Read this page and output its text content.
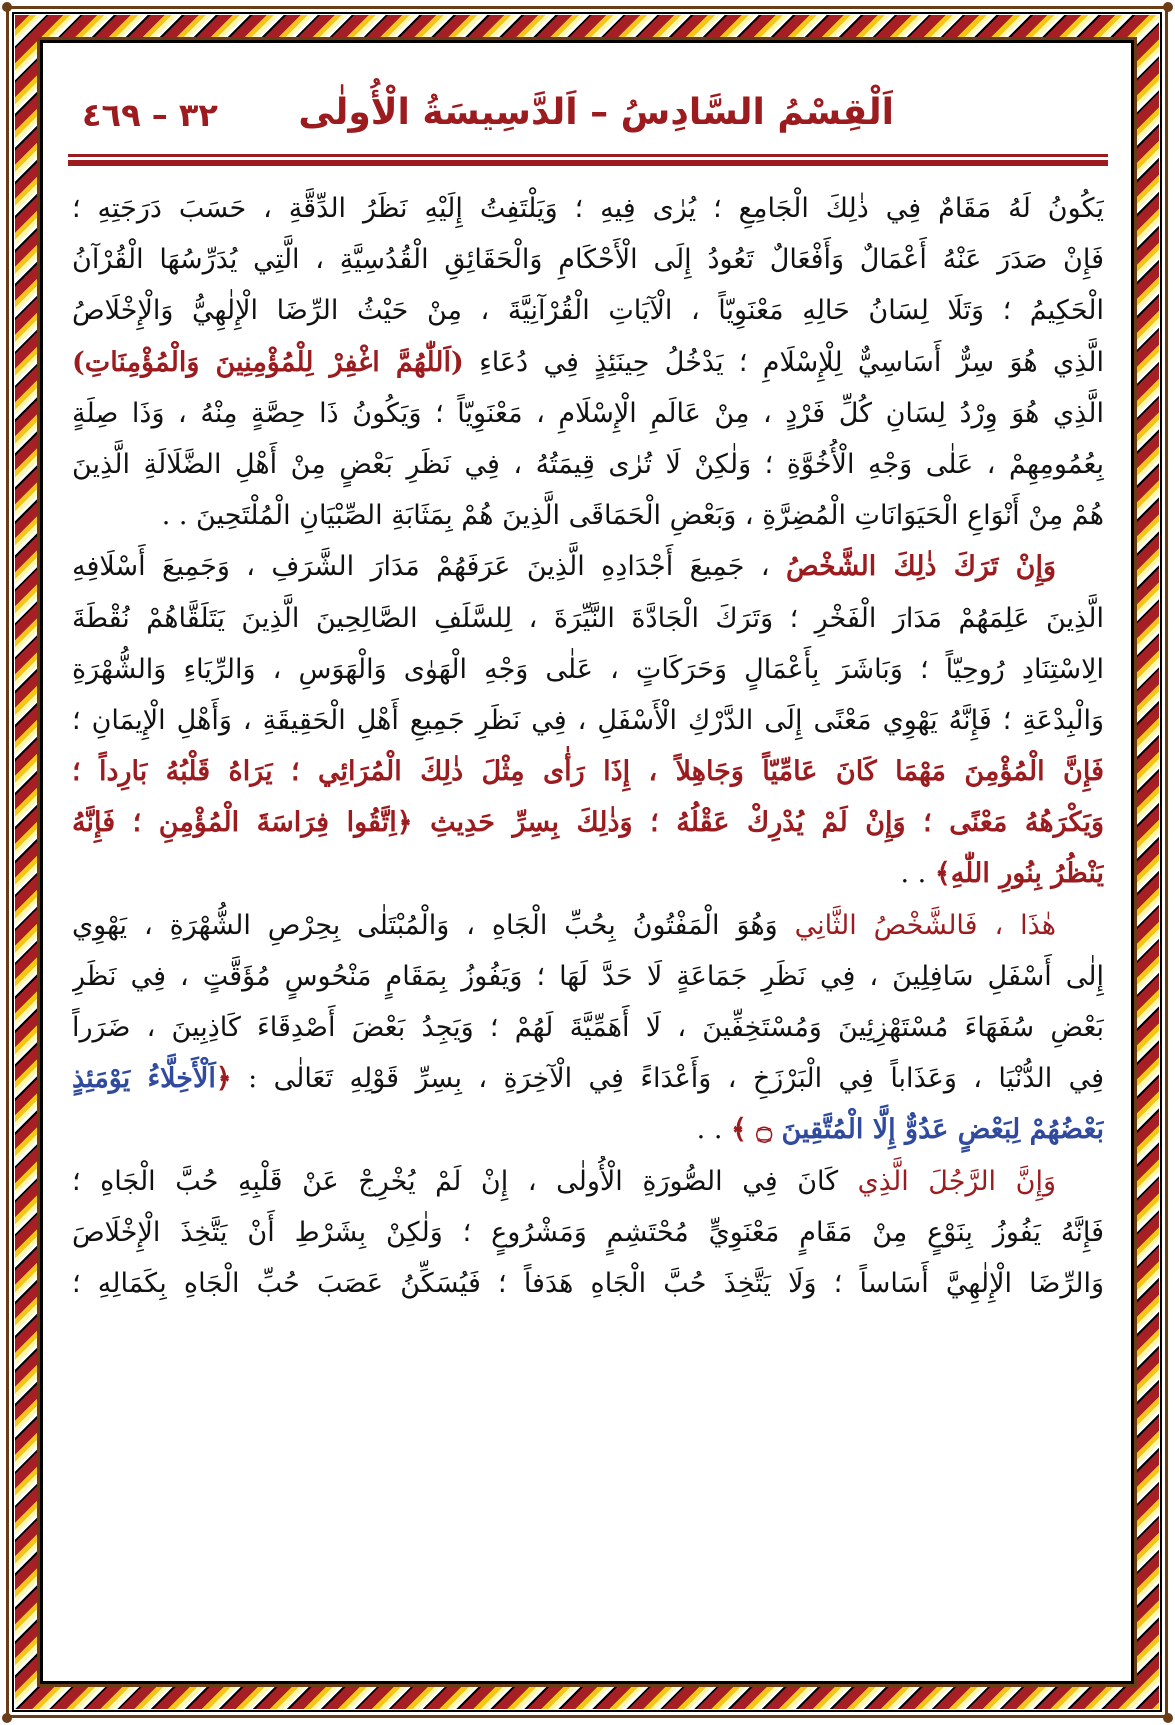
اَلْقِسْمُ السَّادِسُ – اَلدَّسِيسَةُ الْأُولٰى
٣٢ – ٤٦٩
يَكُونُ لَهُ مَقَامٌ فِي ذٰلِكَ الْجَامِعِ ؛ يُرٰى فِيهِ ؛ وَيَلْتَفِتُ إِلَيْهِ نَظَرُ الدِّقَّةِ ، حَسَبَ دَرَجَتِهِ ؛
فَإِنْ صَدَرَ عَنْهُ أَعْمَالٌ وَأَفْعَالٌ تَعُودُ إِلَى الْأَحْكَامِ وَالْحَقَائِقِ الْقُدُسِيَّةِ ، الَّتِي يُدَرِّسُهَا الْقُرْآنُ
الْحَكِيمُ ؛ وَتَلَا لِسَانُ حَالِهِ مَعْنَوِيّاً ، الْآيَاتِ الْقُرْآنِيَّةَ ، مِنْ حَيْثُ الرِّضَا الْإِلٰهِيُّ وَالْإِخْلَاصُ
الَّذِي هُوَ سِرٌّ أَسَاسِيٌّ لِلْإِسْلَامِ ؛ يَدْخُلُ حِينَئِذٍ فِي دُعَاءِ (اَللّٰهُمَّ اغْفِرْ لِلْمُؤْمِنِينَ وَالْمُؤْمِنَاتِ)
الَّذِي هُوَ وِرْدُ لِسَانِ كُلِّ فَرْدٍ ، مِنْ عَالَمِ الْإِسْلَامِ ، مَعْنَوِيّاً ؛ وَيَكُونُ ذَا حِصَّةٍ مِنْهُ ، وَذَا صِلَةٍ
بِعُمُومِهِمْ ، عَلٰى وَجْهِ الْأُخُوَّةِ ؛ وَلٰكِنْ لَا تُرٰى قِيمَتُهُ ، فِي نَظَرِ بَعْضٍ مِنْ أَهْلِ الضَّلَالَةِ الَّذِينَ
هُمْ مِنْ أَنْوَاعِ الْحَيَوَانَاتِ الْمُضِرَّةِ ، وَبَعْضِ الْحَمَاقَى الَّذِينَ هُمْ بِمَثَابَةِ الصِّبْيَانِ الْمُلْتَحِينَ . .
وَإِنْ تَرَكَ ذٰلِكَ الشَّخْصُ ، جَمِيعَ أَجْدَادِهِ الَّذِينَ عَرَفَهُمْ مَدَارَ الشَّرَفِ ، وَجَمِيعَ أَسْلَافِهِ
الَّذِينَ عَلِمَهُمْ مَدَارَ الْفَخْرِ ؛ وَتَرَكَ الْجَادَّةَ النَّيِّرَةَ ، لِلسَّلَفِ الصَّالِحِينَ الَّذِينَ يَتَلَقَّاهُمْ نُقْطَةَ
الِاسْتِنَادِ رُوحِيّاً ؛ وَبَاشَرَ بِأَعْمَالٍ وَحَرَكَاتٍ ، عَلٰى وَجْهِ الْهَوٰى وَالْهَوَسِ ، وَالرِّيَاءِ وَالشُّهْرَةِ
وَالْبِدْعَةِ ؛ فَإِنَّهُ يَهْوِي مَعْنًى إِلَى الدَّرْكِ الْأَسْفَلِ ، فِي نَظَرِ جَمِيعِ أَهْلِ الْحَقِيقَةِ ، وَأَهْلِ الْإِيمَانِ ؛
فَإِنَّ الْمُؤْمِنَ مَهْمَا كَانَ عَامِّيّاً وَجَاهِلاً ، إِذَا رَأٰى مِثْلَ ذٰلِكَ الْمُرَائِي ؛ يَرَاهُ قَلْبُهُ بَارِداً ؛
وَيَكْرَهُهُ مَعْنًى ؛ وَإِنْ لَمْ يُدْرِكْ عَقْلُهُ ؛ وَذٰلِكَ بِسِرِّ حَدِيثِ ﴿اِتَّقُوا فِرَاسَةَ الْمُؤْمِنِ ؛ فَإِنَّهُ
يَنْظُرُ بِنُورِ اللّٰهِ﴾ . .
هٰذَا ، فَالشَّخْصُ الثَّانِي وَهُوَ الْمَفْتُونُ بِحُبِّ الْجَاهِ ، وَالْمُبْتَلٰى بِحِرْصِ الشُّهْرَةِ ، يَهْوِي
إِلٰى أَسْفَلِ سَافِلِينَ ، فِي نَظَرِ جَمَاعَةٍ لَا حَدَّ لَهَا ؛ وَيَفُوزُ بِمَقَامٍ مَنْحُوسٍ مُؤَقَّتٍ ، فِي نَظَرِ
بَعْضِ سُفَهَاءَ مُسْتَهْزِئِينَ وَمُسْتَخِفِّينَ ، لَا أَهَمِّيَّةَ لَهُمْ ؛ وَيَجِدُ بَعْضَ أَصْدِقَاءَ كَاذِبِينَ ، ضَرَراً
فِي الدُّنْيَا ، وَعَذَاباً فِي الْبَرْزَخِ ، وَأَعْدَاءً فِي الْآخِرَةِ ، بِسِرِّ قَوْلِهِ تَعَالٰى : ﴿اَلْأَخِلَّاءُ يَوْمَئِذٍ
بَعْضُهُمْ لِبَعْضٍ عَدُوٌّ إِلَّا الْمُتَّقِينَ ۝ ﴾ . .
وَإِنَّ الرَّجُلَ الَّذِي كَانَ فِي الصُّورَةِ الْأُولٰى ، إِنْ لَمْ يُخْرِجْ عَنْ قَلْبِهِ حُبَّ الْجَاهِ ؛
فَإِنَّهُ يَفُوزُ بِنَوْعٍ مِنْ مَقَامٍ مَعْنَوِيٍّ مُحْتَشِمٍ وَمَشْرُوعٍ ؛ وَلٰكِنْ بِشَرْطِ أَنْ يَتَّخِذَ الْإِخْلَاصَ
وَالرِّضَا الْإِلٰهِيَّ أَسَاساً ؛ وَلَا يَتَّخِذَ حُبَّ الْجَاهِ هَدَفاً ؛ فَيُسَكِّنُ عَصَبَ حُبِّ الْجَاهِ بِكَمَالِهِ ؛
